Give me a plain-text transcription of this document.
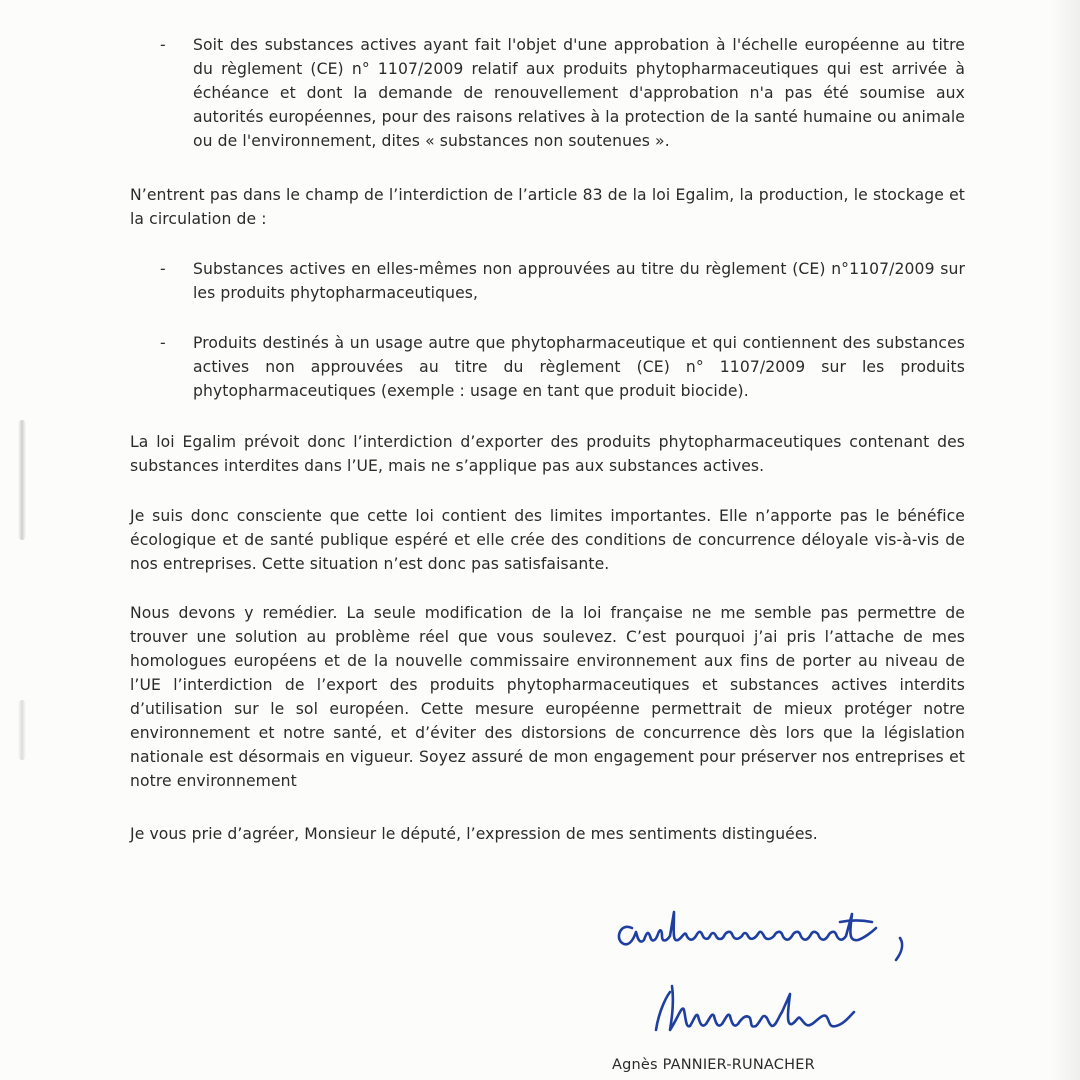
- Soit des substances actives ayant fait l'objet d'une approbation à l'échelle européenne au titre du règlement (CE) n° 1107/2009 relatif aux produits phytopharmaceutiques qui est arrivée à échéance et dont la demande de renouvellement d'approbation n'a pas été soumise aux autorités européennes, pour des raisons relatives à la protection de la santé humaine ou animale ou de l'environnement, dites « substances non soutenues ».
N’entrent pas dans le champ de l’interdiction de l’article 83 de la loi Egalim, la production, le stockage et la circulation de :
- Substances actives en elles-mêmes non approuvées au titre du règlement (CE) n°1107/2009 sur les produits phytopharmaceutiques,
- Produits destinés à un usage autre que phytopharmaceutique et qui contiennent des substances actives non approuvées au titre du règlement (CE) n° 1107/2009 sur les produits phytopharmaceutiques (exemple : usage en tant que produit biocide).
La loi Egalim prévoit donc l’interdiction d’exporter des produits phytopharmaceutiques contenant des substances interdites dans l’UE, mais ne s’applique pas aux substances actives.
Je suis donc consciente que cette loi contient des limites importantes. Elle n’apporte pas le bénéfice écologique et de santé publique espéré et elle crée des conditions de concurrence déloyale vis-à-vis de nos entreprises. Cette situation n’est donc pas satisfaisante.
Nous devons y remédier. La seule modification de la loi française ne me semble pas permettre de trouver une solution au problème réel que vous soulevez. C’est pourquoi j’ai pris l’attache de mes homologues européens et de la nouvelle commissaire environnement aux fins de porter au niveau de l’UE l’interdiction de l’export des produits phytopharmaceutiques et substances actives interdits d’utilisation sur le sol européen. Cette mesure européenne permettrait de mieux protéger notre environnement et notre santé, et d’éviter des distorsions de concurrence dès lors que la législation nationale est désormais en vigueur. Soyez assuré de mon engagement pour préserver nos entreprises et notre environnement
Je vous prie d’agréer, Monsieur le député, l’expression de mes sentiments distinguées.
Agnès PANNIER-RUNACHER
